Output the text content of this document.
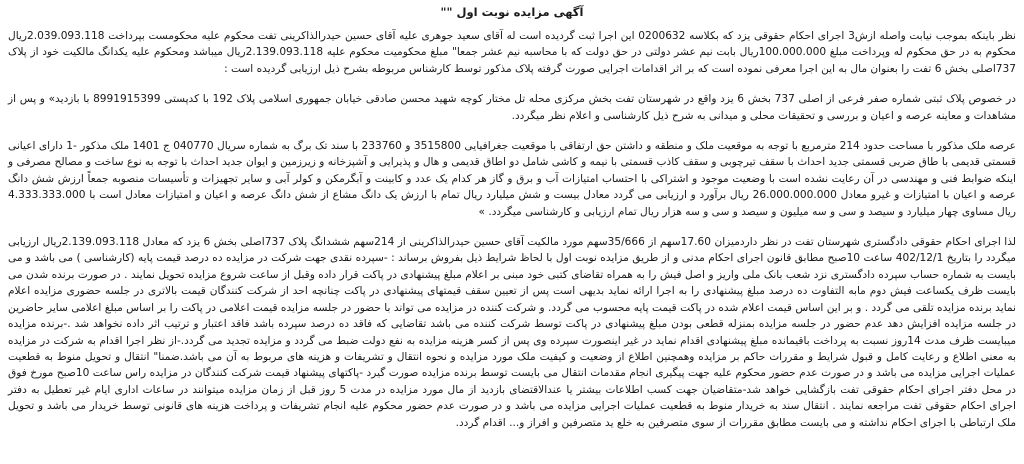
آگهی مزایده نوبت اول ""

نظر باینکه بموجب نیابت واصله ازش3 اجرای احکام حقوقی یزد که بکلاسه 0200632 این اجرا ثبت گردیده است له آقای سعید جوهری علیه آقای حسین حیدرالذاکرینی تفت محکوم علیه محکومست بپرداخت 2.039.093.118ریال محکوم به در حق محکوم له وپرداخت مبلغ 100.000.000ریال بابت نیم عشر دولتی در حق دولت که با محاسبه نیم عشر جمعا" مبلغ محکومیت محکوم علیه 2.139.093.118ریال میباشد ومحکوم علیه یکدانگ مالکیت خود از پلاک 737اصلی بخش 6 تفت را بعنوان مال به این اجرا معرفی نموده است که بر اثر اقدامات اجرایی صورت گرفته پلاک مذکور توسط کارشناس مربوطه بشرح ذیل ارزیابی گردیده است :

در خصوص پلاک ثبتی شماره صفر فرعی از اصلی 737 بخش 6 یزد واقع در شهرستان تفت بخش مرکزی محله تل مختار کوچه شهید محسن صادقی خیابان جمهوری اسلامی پلاک 192 با کدپستی 8991915399 با بازدید» و پس از مشاهدات و معاینه عرصه و اعیان و بررسی و تحقیقات محلی و میدانی به شرح ذیل کارشناسی و اعلام نظر میگردد.

عرصه ملک مذکور با مساحت حدود 214 مترمربع با توجه به موقعیت ملک و منطقه و داشتن حق ارتفاقی با موقعیت جغرافیایی 3515800 و 233760 با سند تک برگ به شماره سریال 040770 ج 1401 ملک مذکور -1 دارای اعیانی قسمتی قدیمی با طاق ضربی قسمتی جدید احداث با سقف تیرچوبی و سقف کاذب قسمتی با نیمه و کاشی شامل دو اطاق قدیمی و هال و پذیرایی و آشپزخانه و زیرزمین و ایوان جدید احداث با توجه به نوع ساخت و مصالح مصرفی و اینکه ضوابط فنی و مهندسی در آن رعایت نشده است با وضعیت موجود و اشتراکی با احتساب امتیازات آب و برق و گاز هر کدام یک عدد و کابینت و آبگرمکن و کولر آبی و سایر تجهیزات و تأسیسات منصوبه جمعاً ارزش شش دانگ عرصه و اعیان با امتیازات و غیرو معادل 26.000.000.000 ریال برآورد و ارزیابی می گردد معادل بیست و شش میلیارد ریال تمام با ارزش یک دانگ مشاع از شش دانگ عرصه و اعیان و امتیازات معادل است با 4.333.333.000 ریال مساوی چهار میلیارد و سیصد و سی و سه میلیون و سیصد و سی و سه هزار ریال تمام ارزیابی و کارشناسی میگردد. »

لذا اجرای احکام حقوقی دادگستری شهرستان تفت در نظر داردمیزان 17.60سهم از 35/666سهم مورد مالکیت آقای حسین حیدرالذاکرینی از 214سهم ششدانگ پلاک 737اصلی بخش 6 یزد که معادل 2.139.093.118ریال ارزیابی میگردد را بتاریخ 402/12/1 ساعت 10صبح مطابق قانون اجرای احکام مدنی و از طریق مزایده نوبت اول با لحاظ شرایط ذیل بفروش برساند : -سپرده نقدی جهت شرکت در مزایده ده درصد قیمت پایه (کارشناسی ) می باشد و می بایست به شماره حساب سپرده دادگستری نزد شعب بانک ملی واریز و اصل فیش را به همراه تقاضای کتبی خود مبنی بر اعلام مبلغ پیشنهادی در پاکت قرار داده وقبل از ساعت شروع مزایده تحویل نمایند . در صورت برنده شدن می بایست ظرف یکساعت فیش دوم مابه التفاوت ده درصد مبلغ پیشنهادی را به اجرا ارائه نماید بدیهی است پس از تعیین سقف قیمتهای پیشنهادی در پاکت چنانچه احد از شرکت کنندگان قیمت بالاتری در جلسه حضوری مزایده اعلام نماید برنده مزایده تلقی می گردد . و بر این اساس قیمت اعلام شده در پاکت قیمت پایه محسوب می گردد. و شرکت کننده در مزایده می تواند با حضور در جلسه مزایده قیمت اعلامی در پاکت را بر اساس مبلغ اعلامی سایر حاضرین در جلسه مزایده افزایش دهد عدم حضور در جلسه مزایده بمنزله قطعی بودن مبلغ پیشنهادی در پاکت توسط شرکت کننده می باشد تقاضایی که فاقد ده درصد سپرده باشد فاقد اعتبار و ترتیب اثر داده نخواهد شد .-برنده مزایده میبایست ظرف مدت 14روز نسبت به پرداخت باقیمانده مبلغ پیشنهادی اقدام نماید در غیر اینصورت سپرده وی پس از کسر هزینه مزایده به نفع دولت ضبط می گردد و مزایده تجدید می گردد.-از نظر اجرا اقدام به شرکت در مزایده به معنی اطلاع و رعایت کامل و قبول شرایط و مقررات حاکم بر مزایده وهمچنین اطلاع از وضعیت و کیفیت ملک مورد مزایده و نحوه انتقال و تشریفات و هزینه های مربوط به آن می باشد.ضمنا" انتقال و تحویل منوط به قطعیت عملیات اجرایی مزایده می باشد و در صورت عدم حضور محکوم علیه جهت پیگیری انجام مقدمات انتقال می بایست توسط برنده مزایده صورت گیرد -پاکتهای پیشنهاد قیمت شرکت کنندگان در مزایده راس ساعت 10صبح مورخ فوق در محل دفتر اجرای احکام حقوقی تفت بازگشایی خواهد شد-متقاضیان جهت کسب اطلاعات بیشتر یا عندالاقتضای بازدید از مال مورد مزایده در مدت 5 روز قبل از زمان مزایده میتوانند در ساعات اداری ایام غیر تعطیل به دفتر اجرای احکام حقوقی تفت مراجعه نمایند . انتقال سند به خریدار منوط به قطعیت عملیات اجرایی مزایده می باشد و در صورت عدم حضور محکوم علیه انجام تشریفات و پرداخت هزینه های قانونی توسط خریدار می باشد و تحویل ملک ارتباطی با اجرای احکام نداشته و می بایست مطابق مقررات از سوی متصرفین به خلع ید متصرفین و افراز و... اقدام گردد.
